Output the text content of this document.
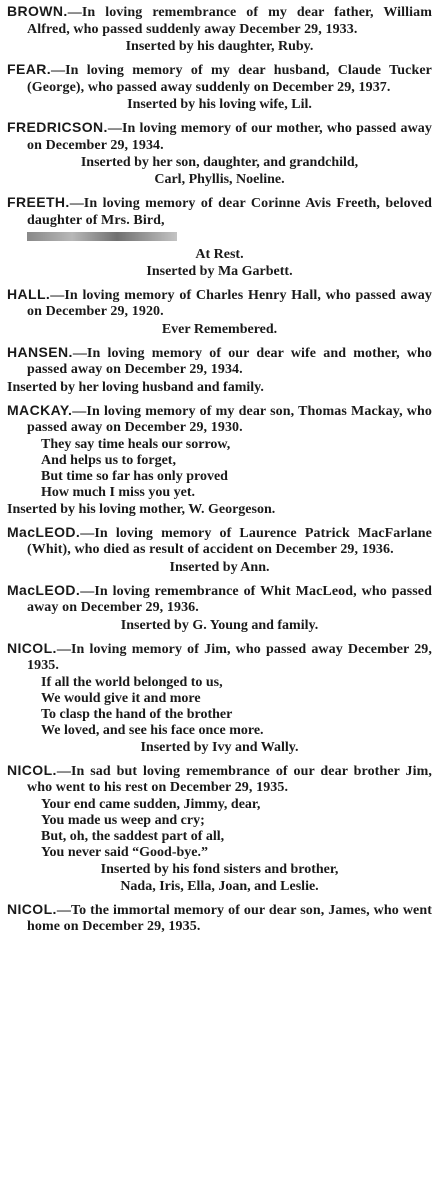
BROWN.—In loving remembrance of my dear father, William Alfred, who passed suddenly away December 29, 1933.
Inserted by his daughter, Ruby.
FEAR.—In loving memory of my dear husband, Claude Tucker (George), who passed away suddenly on December 29, 1937.
Inserted by his loving wife, Lil.
FREDRICSON.—In loving memory of our mother, who passed away on December 29, 1934.
Inserted by her son, daughter, and grandchild,
Carl, Phyllis, Noeline.
FREETH.—In loving memory of dear Corinne Avis Freeth, beloved daughter of Mrs. Bird,

At Rest.
Inserted by Ma Garbett.
HALL.—In loving memory of Charles Henry Hall, who passed away on December 29, 1920.
Ever Remembered.
HANSEN.—In loving memory of our dear wife and mother, who passed away on December 29, 1934.
Inserted by her loving husband and family.
MACKAY.—In loving memory of my dear son, Thomas Mackay, who passed away on December 29, 1930.
They say time heals our sorrow,
And helps us to forget,
But time so far has only proved
How much I miss you yet.
Inserted by his loving mother, W. Georgeson.
MacLEOD.—In loving memory of Laurence Patrick MacFarlane (Whit), who died as result of accident on December 29, 1936.
Inserted by Ann.
MacLEOD.—In loving remembrance of Whit MacLeod, who passed away on December 29, 1936.
Inserted by G. Young and family.
NICOL.—In loving memory of Jim, who passed away December 29, 1935.
If all the world belonged to us,
We would give it and more
To clasp the hand of the brother
We loved, and see his face once more.
Inserted by Ivy and Wally.
NICOL.—In sad but loving remembrance of our dear brother Jim, who went to his rest on December 29, 1935.
Your end came sudden, Jimmy, dear,
You made us weep and cry;
But, oh, the saddest part of all,
You never said “Good-bye.”
Inserted by his fond sisters and brother,
Nada, Iris, Ella, Joan, and Leslie.
NICOL.—To the immortal memory of our dear son, James, who went home on December 29, 1935.
